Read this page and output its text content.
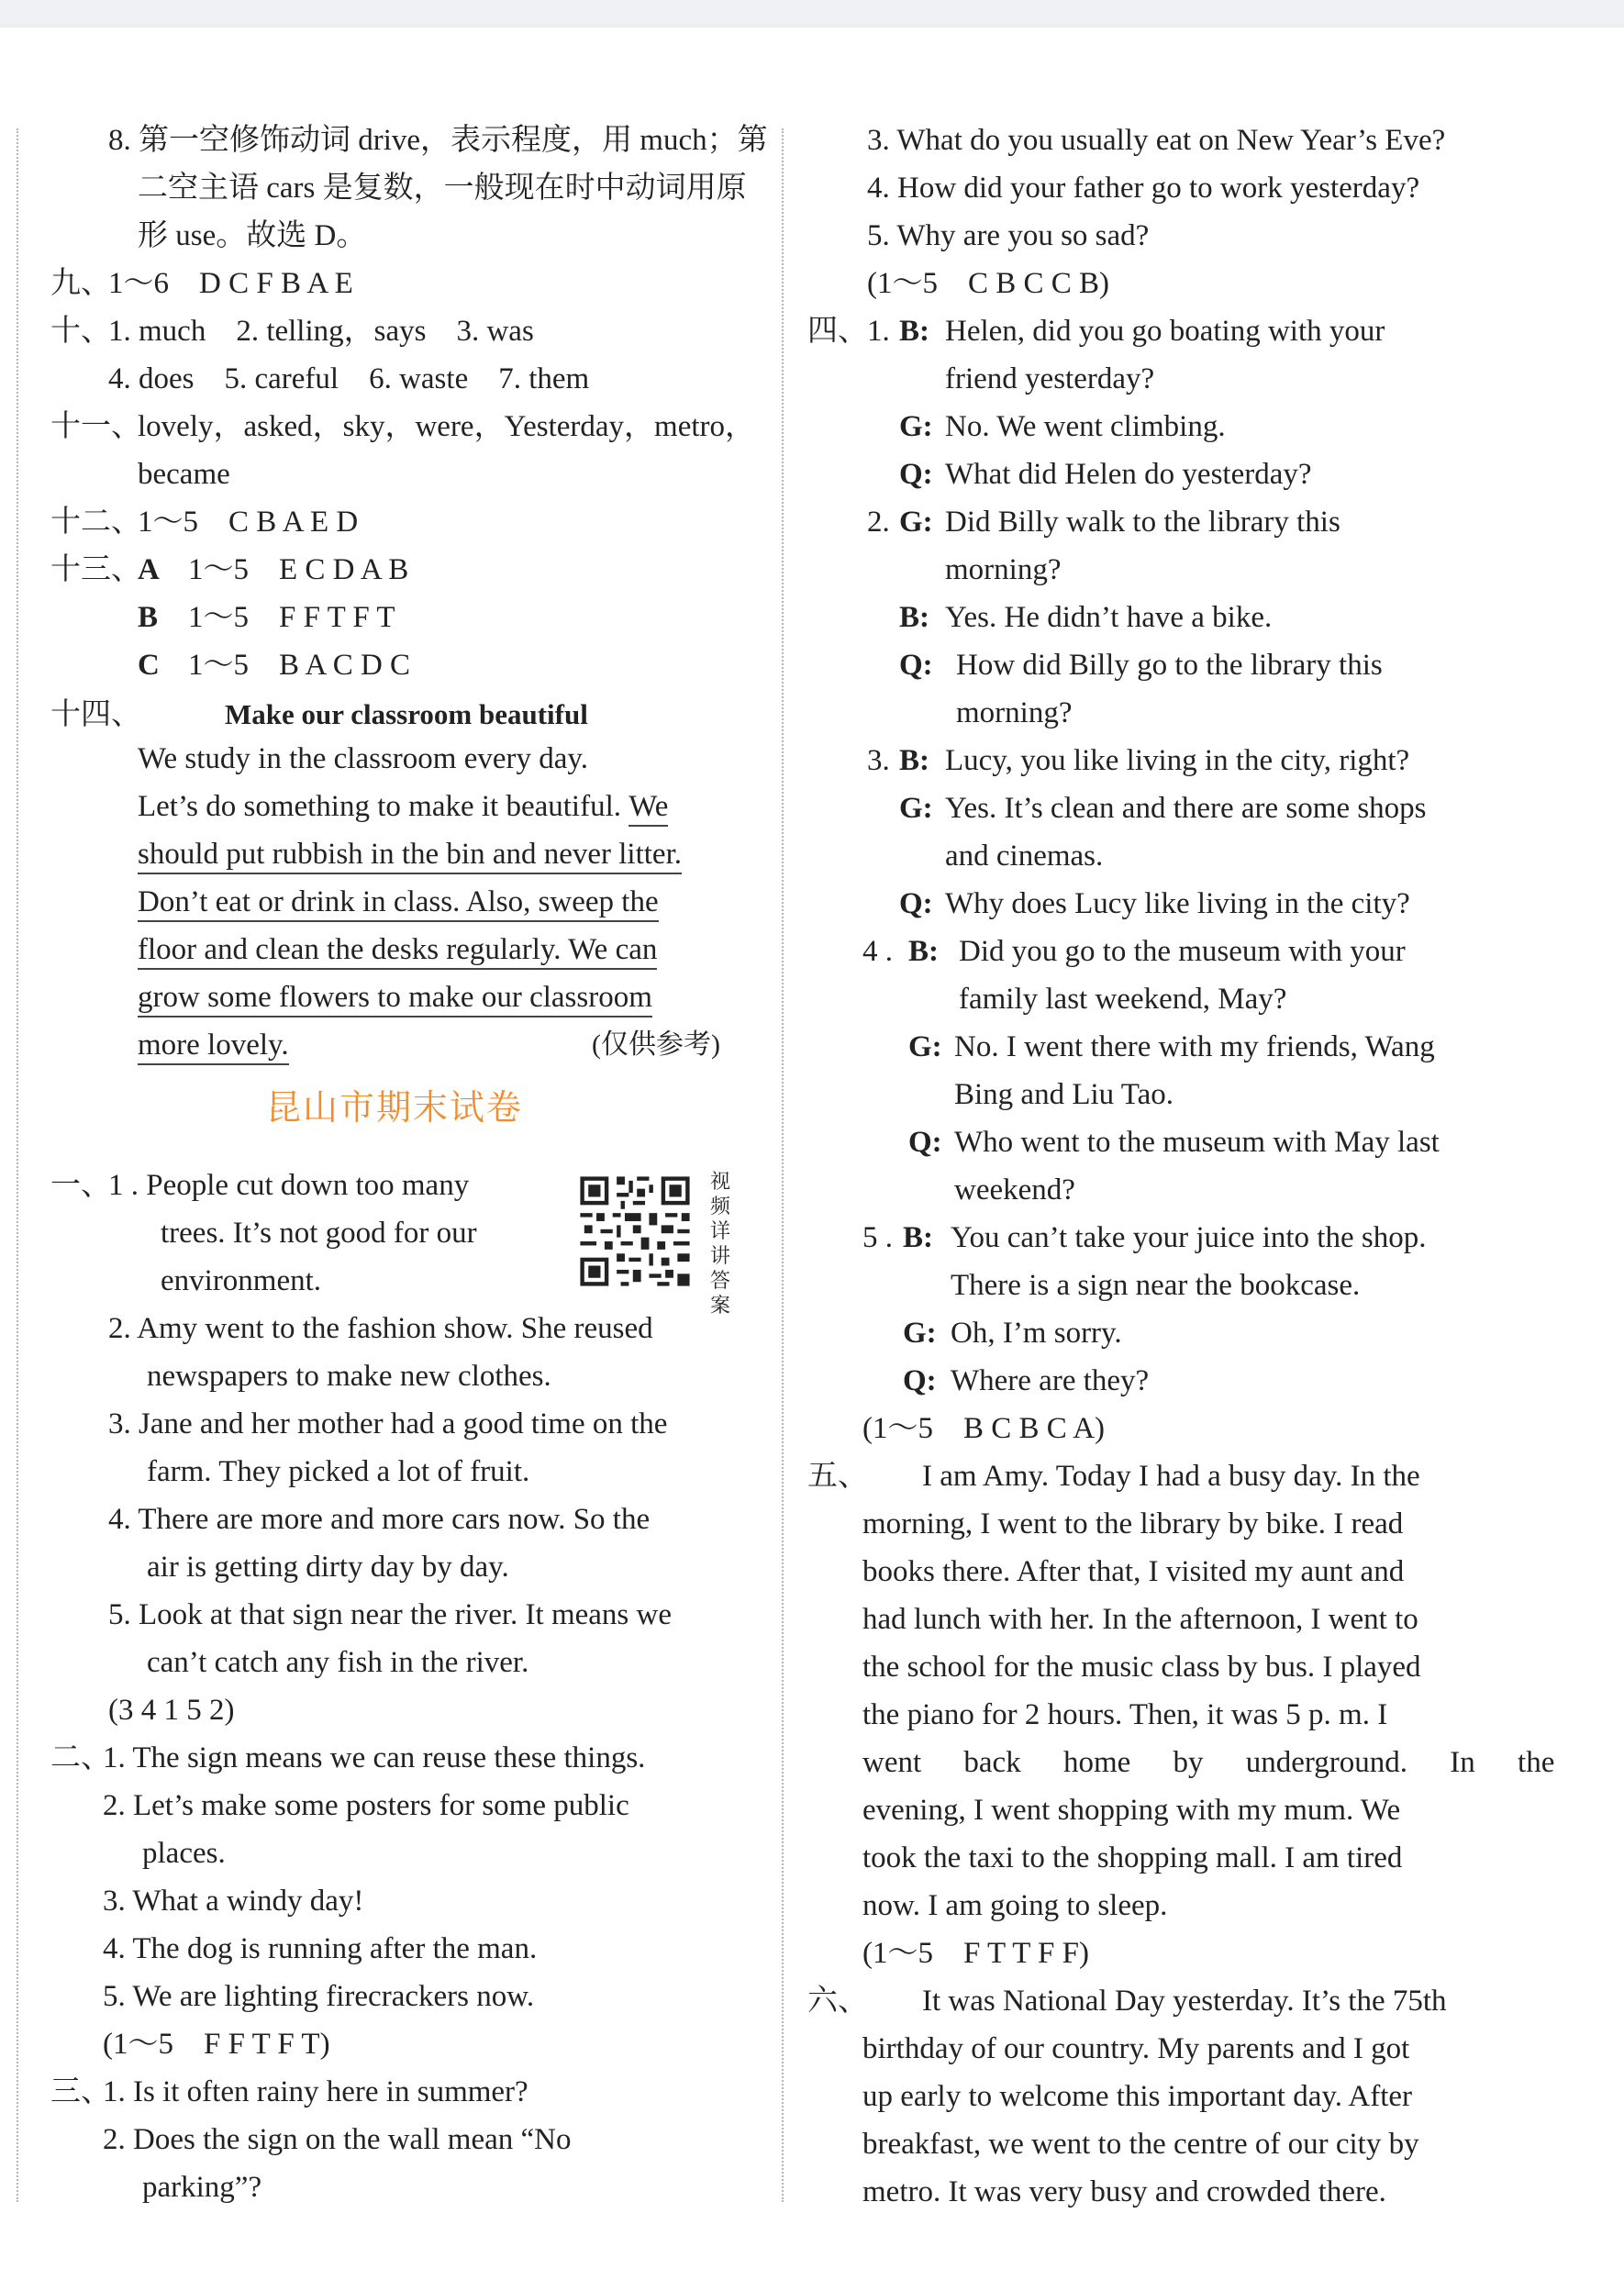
8. 第一空修饰动词 drive，表示程度，用 much；第
二空主语 cars 是复数，一般现在时中动词用原
形 use。故选 D。
九、
1～6　D C F B A E
十、
1. much　2. telling，says　3. was
4. does　5. careful　6. waste　7. them
十一、
lovely，asked，sky，were，Yesterday，metro，
became
十二、
1～5　C B A E D
十三、
A 1～5　E C D A B
B 1～5　F F T F T
C 1～5　B A C D C
十四、	Make our classroom beautiful
We study in the classroom every day.
Let’s do something to make it beautiful. We
should put rubbish in the bin and never litter.
Don’t eat or drink in class. Also, sweep the
floor and clean the desks regularly. We can
grow some flowers to make our classroom
more lovely.	(仅供参考)
昆山市期末试卷
视频详讲答案
一、
1 . People cut down too many
trees. It’s not good for our
environment.
2. Amy went to the fashion show. She reused
newspapers to make new clothes.
3. Jane and her mother had a good time on the
farm. They picked a lot of fruit.
4. There are more and more cars now. So the
air is getting dirty day by day.
5. Look at that sign near the river. It means we
can’t catch any fish in the river.
(3 4 1 5 2)
二、
1. The sign means we can reuse these things.
2. Let’s make some posters for some public
places.
3. What a windy day!
4. The dog is running after the man.
5. We are lighting firecrackers now.
(1～5　F F T F T)
三、
1. Is it often rainy here in summer?
2. Does the sign on the wall mean “No
parking”?
3. What do you usually eat on New Year’s Eve?
4. How did your father go to work yesterday?
5. Why are you so sad?
(1～5　C B C C B)
四、 1. B: Helen, did you go boating with your
friend yesterday?
G: No. We went climbing.
Q: What did Helen do yesterday?
2. G: Did Billy walk to the library this
morning?
B: Yes. He didn’t have a bike.
Q: How did Billy go to the library this
morning?
3. B: Lucy, you like living in the city, right?
G: Yes. It’s clean and there are some shops
and cinemas.
Q: Why does Lucy like living in the city?
4 . B: Did you go to the museum with your
family last weekend, May?
G: No. I went there with my friends, Wang
Bing and Liu Tao.
Q: Who went to the museum with May last
weekend?
5 . B: You can’t take your juice into the shop.
There is a sign near the bookcase.
G: Oh, I’m sorry.
Q: Where are they?
(1～5　B C B C A)
五、 I am Amy. Today I had a busy day. In the
morning, I went to the library by bike. I read
books there. After that, I visited my aunt and
had lunch with her. In the afternoon, I went to
the school for the music class by bus. I played
the piano for 2 hours. Then, it was 5 p. m. I
went back home by underground. In the
evening, I went shopping with my mum. We
took the taxi to the shopping mall. I am tired
now. I am going to sleep.
(1～5　F T T F F)
六、 It was National Day yesterday. It’s the 75th
birthday of our country. My parents and I got
up early to welcome this important day. After
breakfast, we went to the centre of our city by
metro. It was very busy and crowded there.
